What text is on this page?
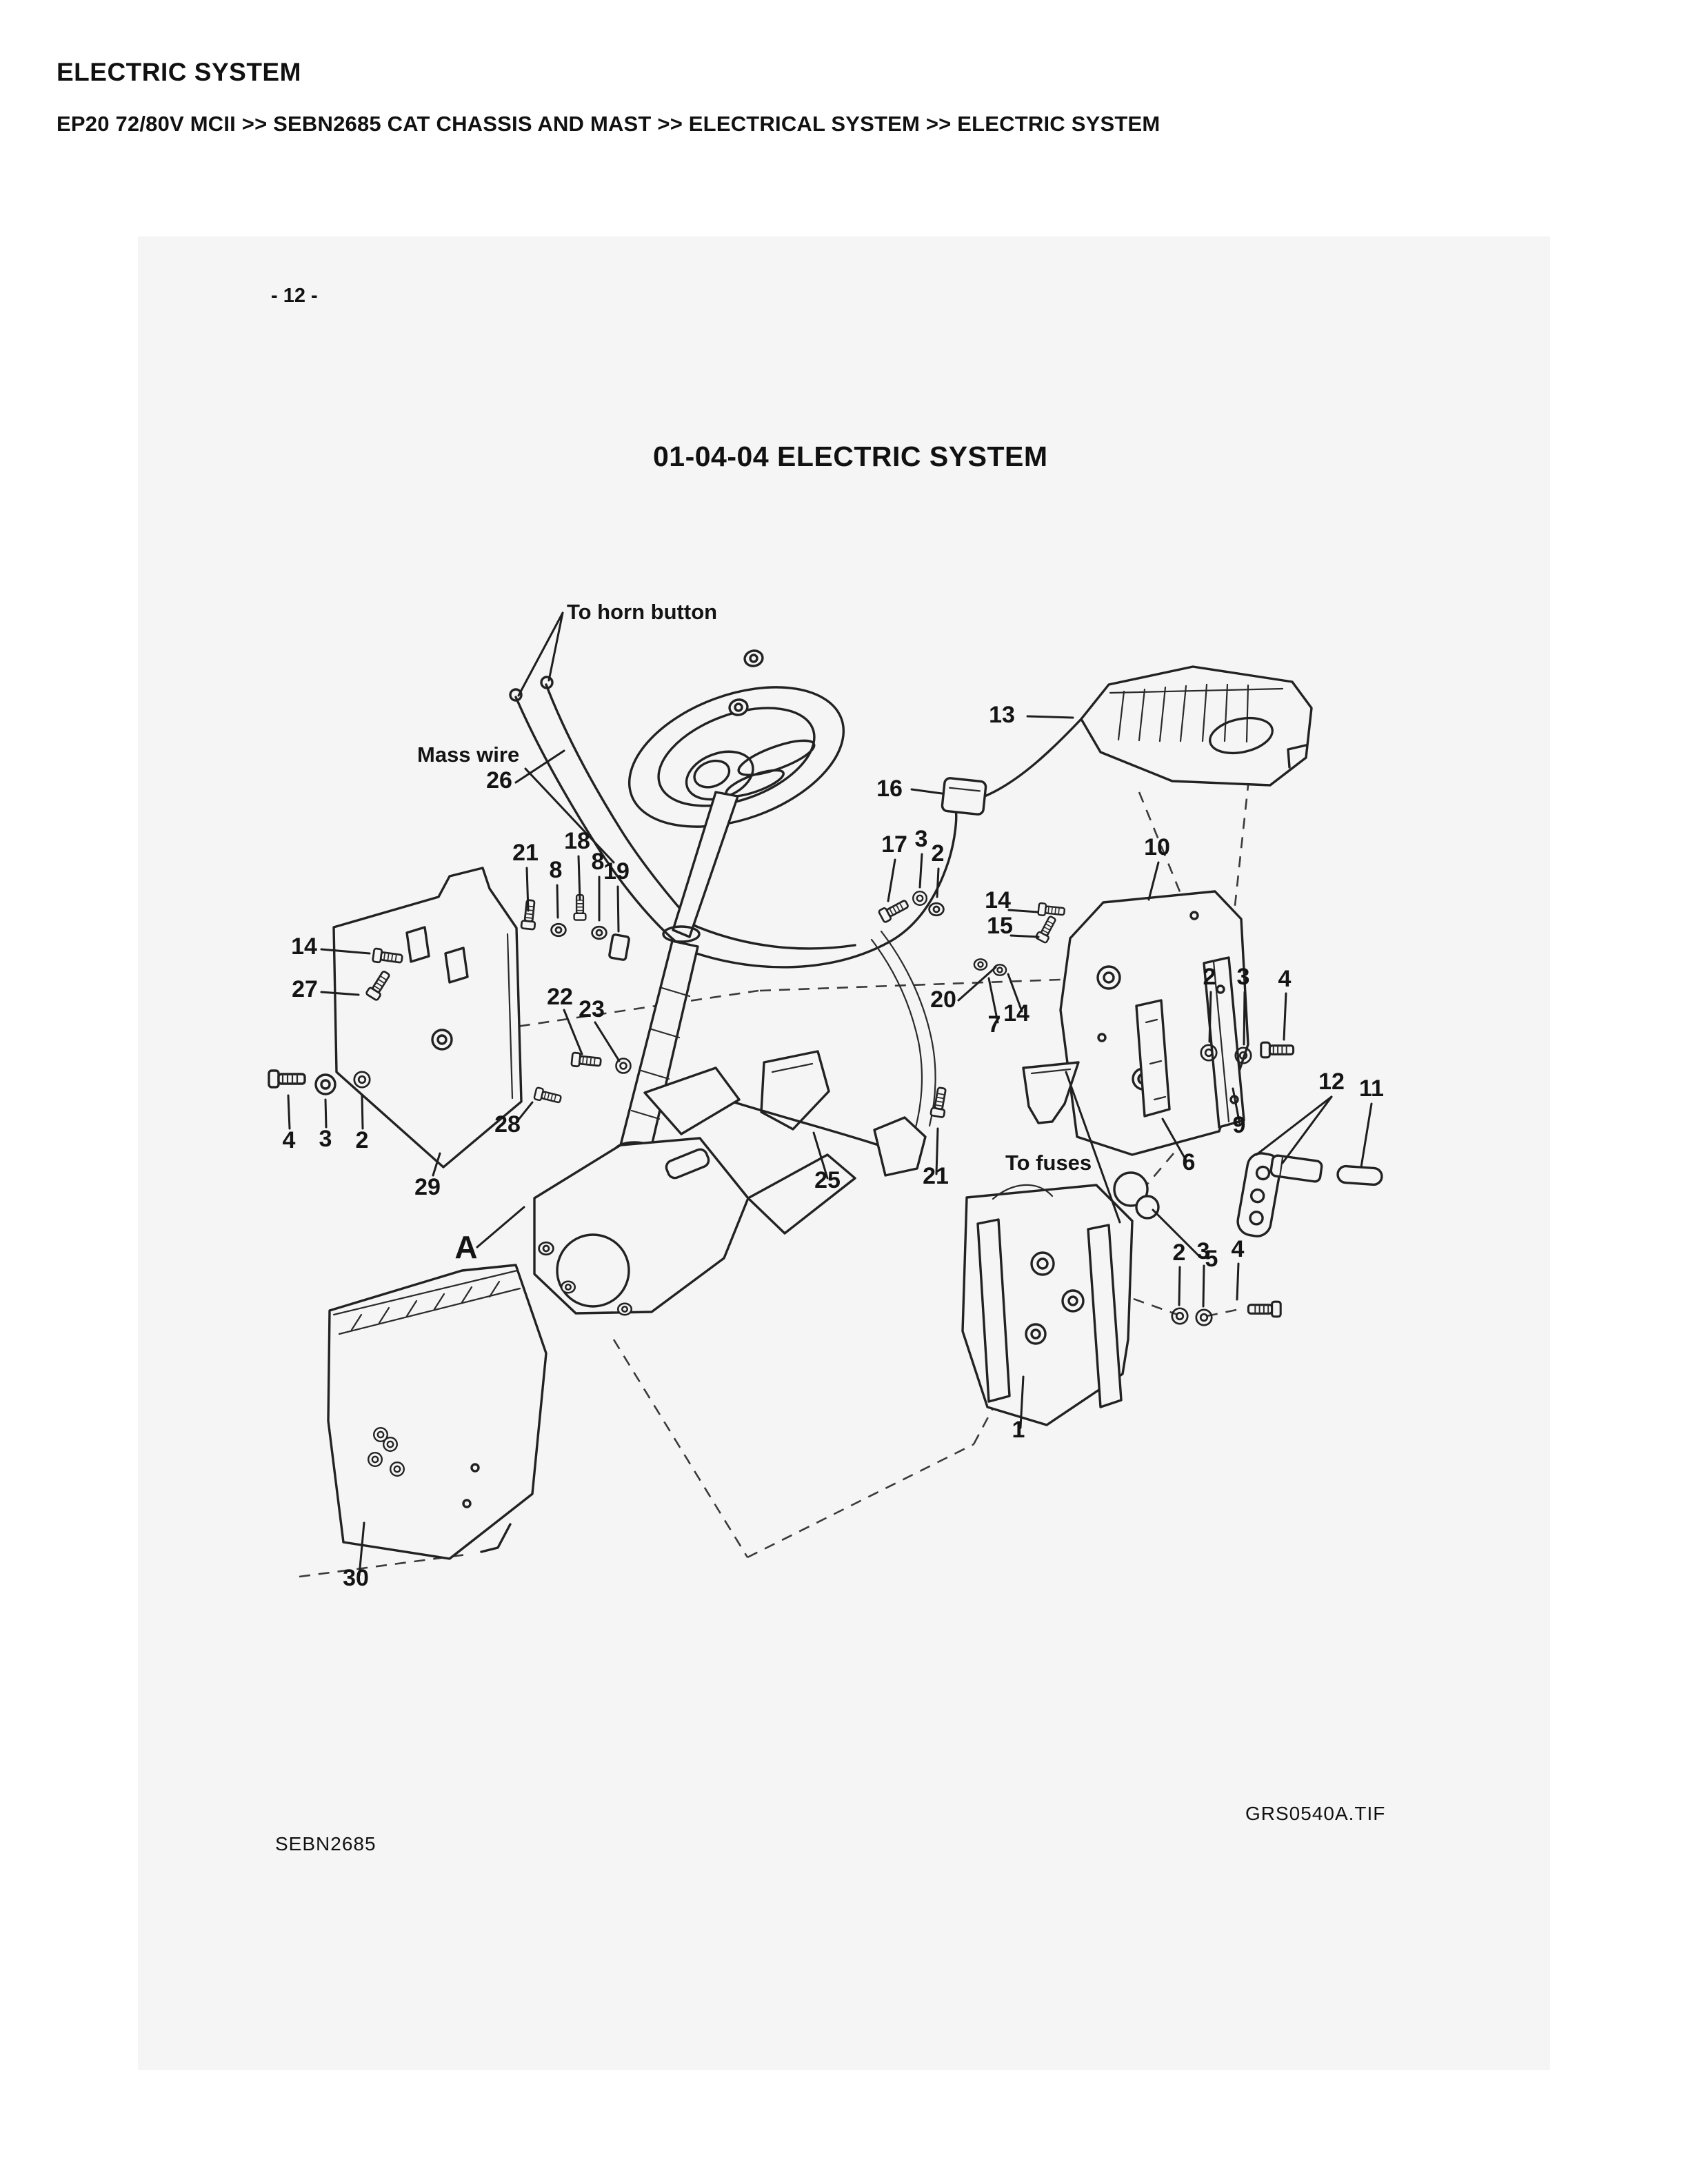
ELECTRIC SYSTEM
EP20 72/80V MCII >> SEBN2685 CAT CHASSIS AND MAST >> ELECTRICAL SYSTEM >> ELECTRIC SYSTEM
- 12 -
01-04-04 ELECTRIC SYSTEM
To horn button
Mass wire
26
13
16
21 18
8 8
19
17 3
2	10
14
15
2 3 4
12 11
14
27	20
7 14
22 23
4 3 2
29
28
A
25	21
To fuses
5
6
9
2 3 4
1
30
SEBN2685
GRS0540A.TIF
